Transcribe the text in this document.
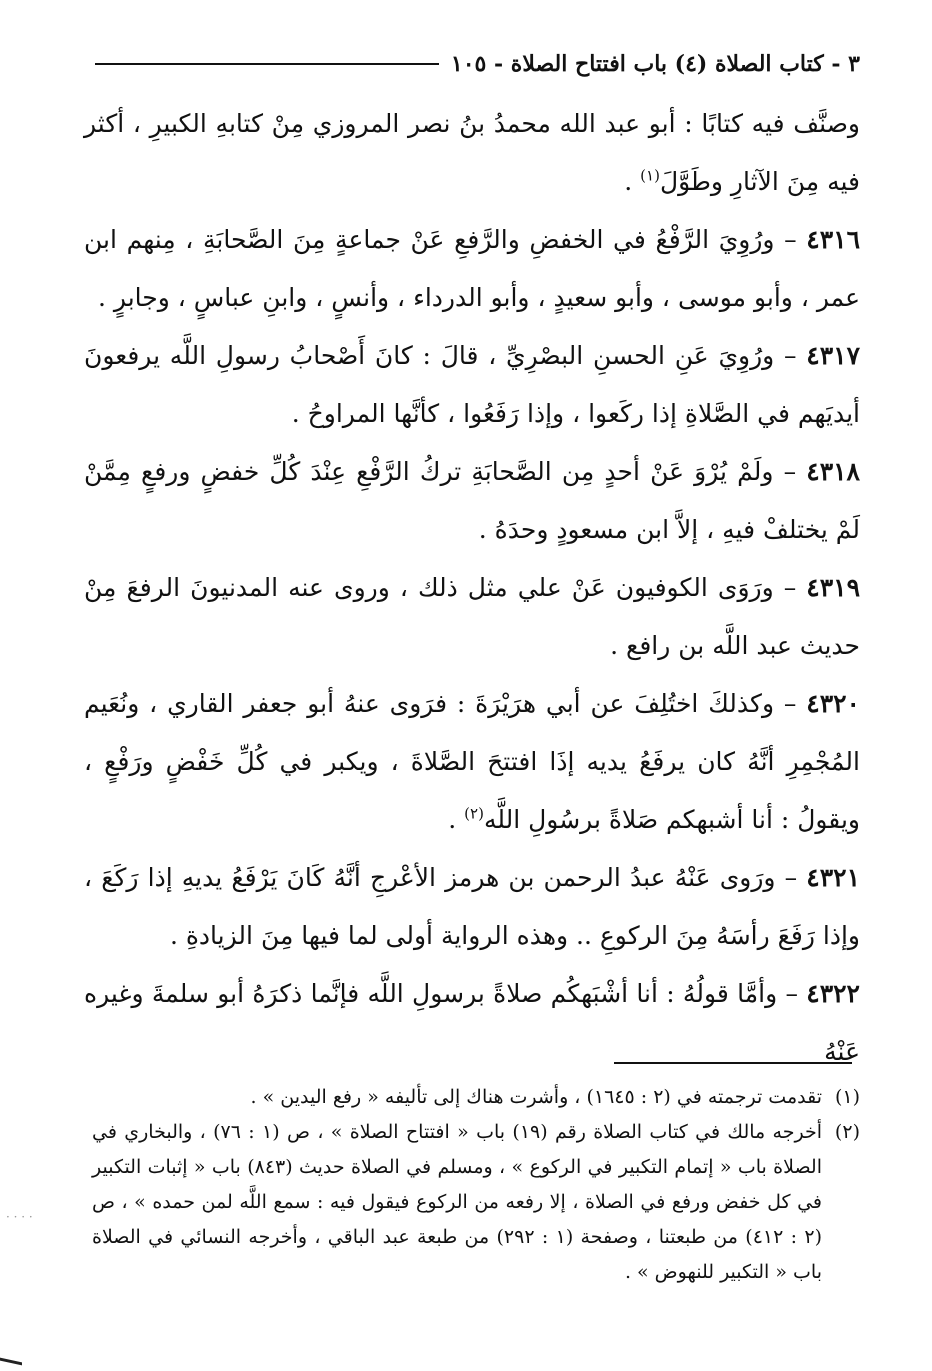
٣ - كتاب الصلاة (٤) باب افتتاح الصلاة - ١٠٥

وصنَّف فيه كتابًا : أبو عبد الله محمدُ بنُ نصر المروزي مِنْ كتابهِ الكبيرِ ، أكثر فيه مِنَ الآثارِ وطَوَّلَ$^{(١)}$ .

٤٣١٦ – ورُوِيَ الرَّفْعُ في الخفضِ والرَّفعِ عَنْ جماعةٍ مِنَ الصَّحابَةِ ، مِنهم ابن عمر ، وأبو موسى ، وأبو سعيدٍ ، وأبو الدرداء ، وأنسٍ ، وابنِ عباسٍ ، وجابرٍ .

٤٣١٧ – ورُوِيَ عَنِ الحسنِ البصْرِيِّ ، قالَ : كانَ أَصْحابُ رسولِ اللَّه يرفعونَ أيديَهم في الصَّلاةِ إذا ركَعوا ، وإذا رَفَعُوا ، كأنَّها المراوحُ .

٤٣١٨ – ولَمْ يُرْوَ عَنْ أحدٍ مِن الصَّحابَةِ تركُ الرَّفْعِ عِنْدَ كُلِّ خفضٍ ورفعٍ مِمَّنْ لَمْ يختلفْ فيهِ ، إلاَّ ابن مسعودٍ وحدَهُ .

٤٣١٩ – ورَوَى الكوفيون عَنْ علي مثل ذلك ، وروى عنه المدنيونَ الرفعَ مِنْ حديث عبد اللَّه بن رافع .

٤٣٢٠ – وكذلكَ اختُلِفَ عن أبي هرَيْرَةَ : فرَوى عنهُ أبو جعفر القاري ، ونُعَيم المُجْمِرِ أنَّهُ كان يرفَعُ يديه إذَا افتتحَ الصَّلاةَ ، ويكبر في كُلِّ خَفْضٍ ورَفْعٍ ، ويقولُ : أنا أشبهكم صَلاةً برسُولِ اللَّه$^{(٢)}$ .

٤٣٢١ – ورَوى عَنْهُ عبدُ الرحمن بن هرمز الأعْرجِ أنَّهُ كَانَ يَرْفَعُ يديهِ إذا رَكَعَ ، وإذا رَفَعَ رأسَهُ مِنَ الركوعِ .. وهذه الرواية أولى لما فيها مِنَ الزيادةِ .

٤٣٢٢ – وأمَّا قولُهُ : أنا أشْبَهكُم صلاةً برسولِ اللَّه فإنَّما ذكرَهُ أبو سلمةَ وغيره عَنْهُ

(١)تقدمت ترجمته في (٢ : ١٦٤٥) ، وأشرت هناك إلى تأليفه « رفع اليدين » .

(٢)أخرجه مالك في كتاب الصلاة رقم (١٩) باب « افتتاح الصلاة » ، ص (١ : ٧٦) ، والبخاري في الصلاة باب « إتمام التكبير في الركوع » ، ومسلم في الصلاة حديث (٨٤٣) باب « إثبات التكبير في كل خفض ورفع في الصلاة ، إلا رفعه من الركوع فيقول فيه : سمع اللَّه لمن حمده » ، ص (٢ : ٤١٢) من طبعتنا ، وصفحة (١ : ٢٩٢) من طبعة عبد الباقي ، وأخرجه النسائي في الصلاة باب « التكبير للنهوض » .

· · · ·
